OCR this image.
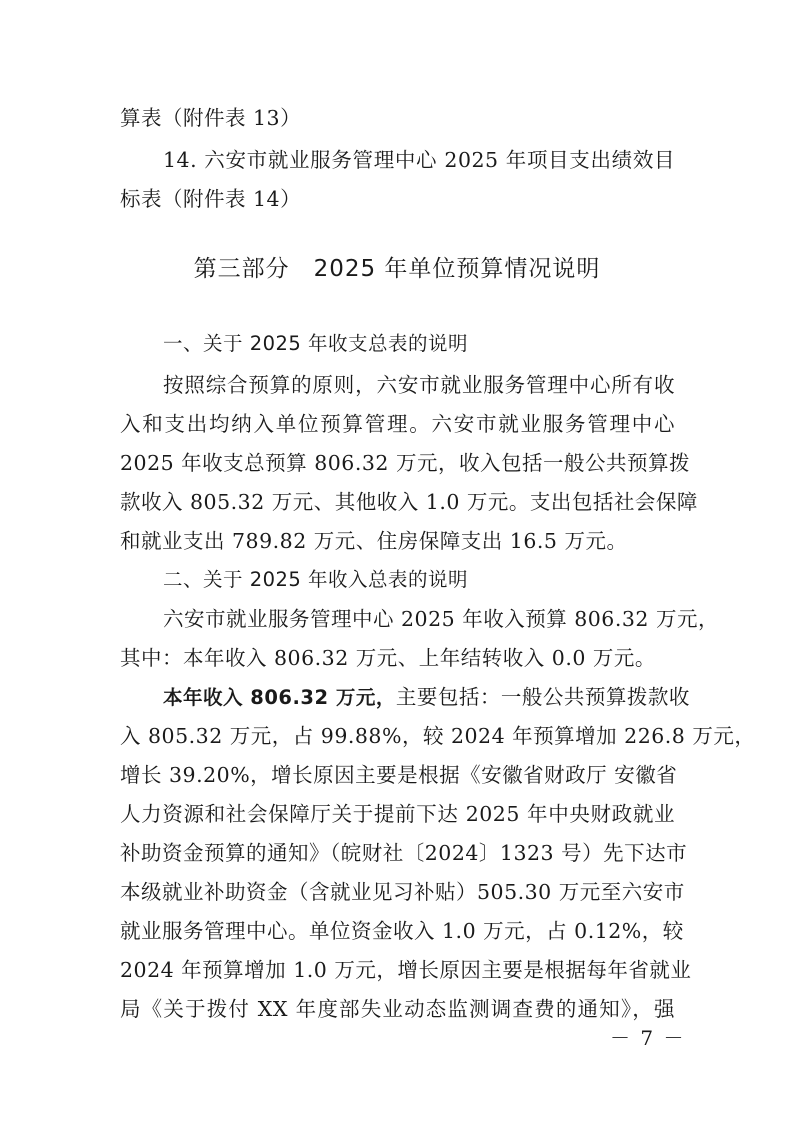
算表（附件表 13）
14. 六安市就业服务管理中心 2025 年项目支出绩效目
标表（附件表 14）
第三部分　2025 年单位预算情况说明
一、关于 2025 年收支总表的说明
按照综合预算的原则，六安市就业服务管理中心所有收
入和支出均纳入单位预算管理。六安市就业服务管理中心
2025 年收支总预算 806.32 万元，收入包括一般公共预算拨
款收入 805.32 万元、其他收入 1.0 万元。支出包括社会保障
和就业支出 789.82 万元、住房保障支出 16.5 万元。
二、关于 2025 年收入总表的说明
六安市就业服务管理中心 2025 年收入预算 806.32 万元，
其中：本年收入 806.32 万元、上年结转收入 0.0 万元。
本年收入 806.32 万元，主要包括：一般公共预算拨款收
入 805.32 万元，占 99.88%，较 2024 年预算增加 226.8 万元，
增长 39.20%，增长原因主要是根据《安徽省财政厅 安徽省
人力资源和社会保障厅关于提前下达 2025 年中央财政就业
补助资金预算的通知》（皖财社〔2024〕1323 号）先下达市
本级就业补助资金（含就业见习补贴）505.30 万元至六安市
就业服务管理中心。单位资金收入 1.0 万元，占 0.12%，较
2024 年预算增加 1.0 万元，增长原因主要是根据每年省就业
局《关于拨付 XX 年度部失业动态监测调查费的通知》，强
－ 7 －
